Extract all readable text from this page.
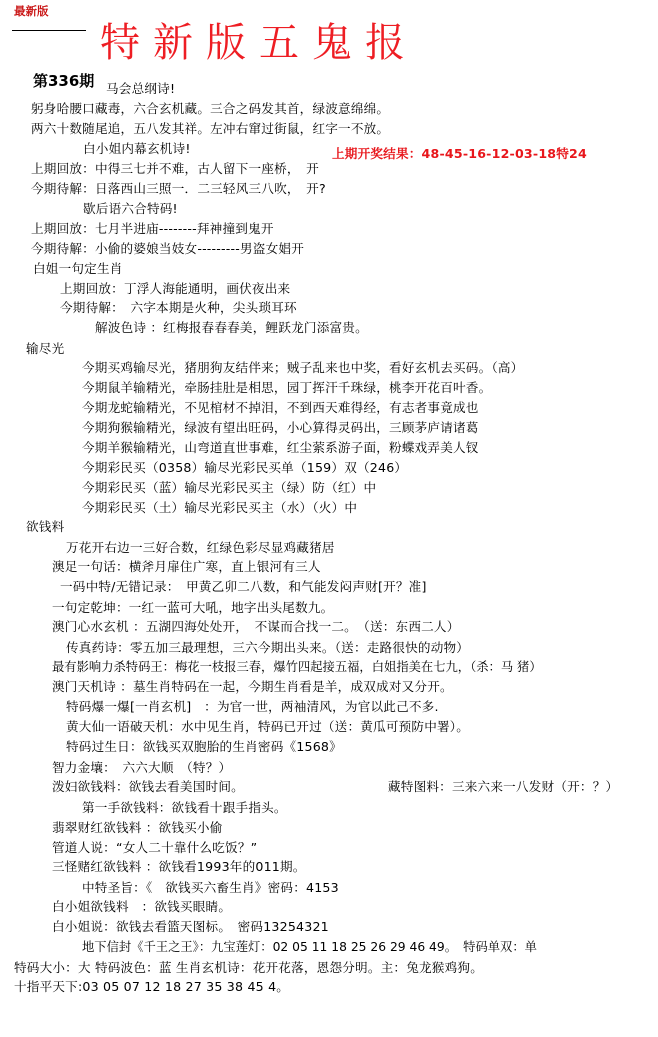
最新版
特新版五鬼报
第336期 马会总纲诗!
躬身哈腰口藏毒，六合玄机藏。三合之码发其首，绿波意绵绵。
两六十数随尾追，五八发其祥。左冲右窜过街鼠，红字一不放。
白小姐内幕玄机诗!	上期开奖结果：48-45-16-12-03-18特24
上期回放：中得三七并不难，古人留下一座桥，　开
今期待解：日落西山三照一．二三轻风三八吹，　开?
歇后语六合特码!
上期回放：七月半进庙--------拜神撞到鬼开
今期待解：小偷的婆娘当妓女---------男盗女娼开
白姐一句定生肖
上期回放：丁浮人海能通明，画伏夜出来
今期待解：　六字本期是火种，尖头琐耳环
解波色诗 ：红梅报春春春美，鲤跃龙门添富贵。
输尽光
今期买鸡输尽光，猪朋狗友结伴来；贼子乱来也中奖，看好玄机去买码。（高）
今期鼠羊输精光，牵肠挂肚是相思，园丁挥汗千珠绿，桃李开花百叶香。
今期龙蛇输精光，不见棺材不掉泪，不到西天难得经，有志者事竟成也
今期狗猴输精光，绿波有望出旺码，小心算得灵码出，三顾茅庐请诸葛
今期羊猴输精光，山弯道直世事难，红尘萦系游子面，粉蝶戏弄美人钗
今期彩民买（0358）输尽光彩民买单（159）双（246）
今期彩民买（蓝）输尽光彩民买主（绿）防（红）中
今期彩民买（土）输尽光彩民买主（水）（火）中
欲钱料
万花开右边一三好合数，红绿色彩尽显鸡藏猪居
澳足一句话：横斧月扉住广寒，直上银河有三人
一码中特/无错记录：　甲黄乙卯二八数，和气能发闷声财[开？准]
一句定乾坤：一红一蓝可大吼，地字出头尾数九。
澳门心水玄机 ：五湖四海处处开，　不谋而合找一二。　（送：东西二人）
传真药诗：零五加三最理想，三六今期出头来。（送：走路很快的动物）
最有影响力杀特码王：梅花一枝报三春，爆竹四起接五福，白姐指美在七九，（杀：马 猪）
澳门天机诗 ：墓生肖特码在一起，今期生肖看是羊，成双成对又分开。
特码爆一爆[一肖玄机]　：为官一世，两袖清风，为官以此己不多.
黄大仙一语破天机：水中见生肖，特码已开过（送：黄瓜可预防中署）。
特码过生日：欲钱买双胞胎的生肖密码《1568》
智力金壤：　六六大顺　（特？）
泼妇欲钱料：欲钱去看美国时间。	藏特图料：三来六来一八发财（开：？）
第一手欲钱料：欲钱看十跟手指头。
翡翠财红欲钱料 ：欲钱买小偷
管道人说：“女人二十靠什么吃饭？”
三怪赌红欲钱料 ：欲钱看1993年的011期。
中特圣旨：《　欲钱买六畜生肖》密码：4153
白小姐欲钱料　：欲钱买眼睛。
白小姐说：欲钱去看篮天图标。　密码13254321
地下信封《千王之王》：九宝莲灯：02 05 11 18 25 26 29 46 49。　特码单双：单
特码大小：大 特码波色：蓝 生肖玄机诗：花开花落，恩怨分明。主：兔龙猴鸡狗。
十指平天下:03 05 07 12 18 27 35 38 45 4。
